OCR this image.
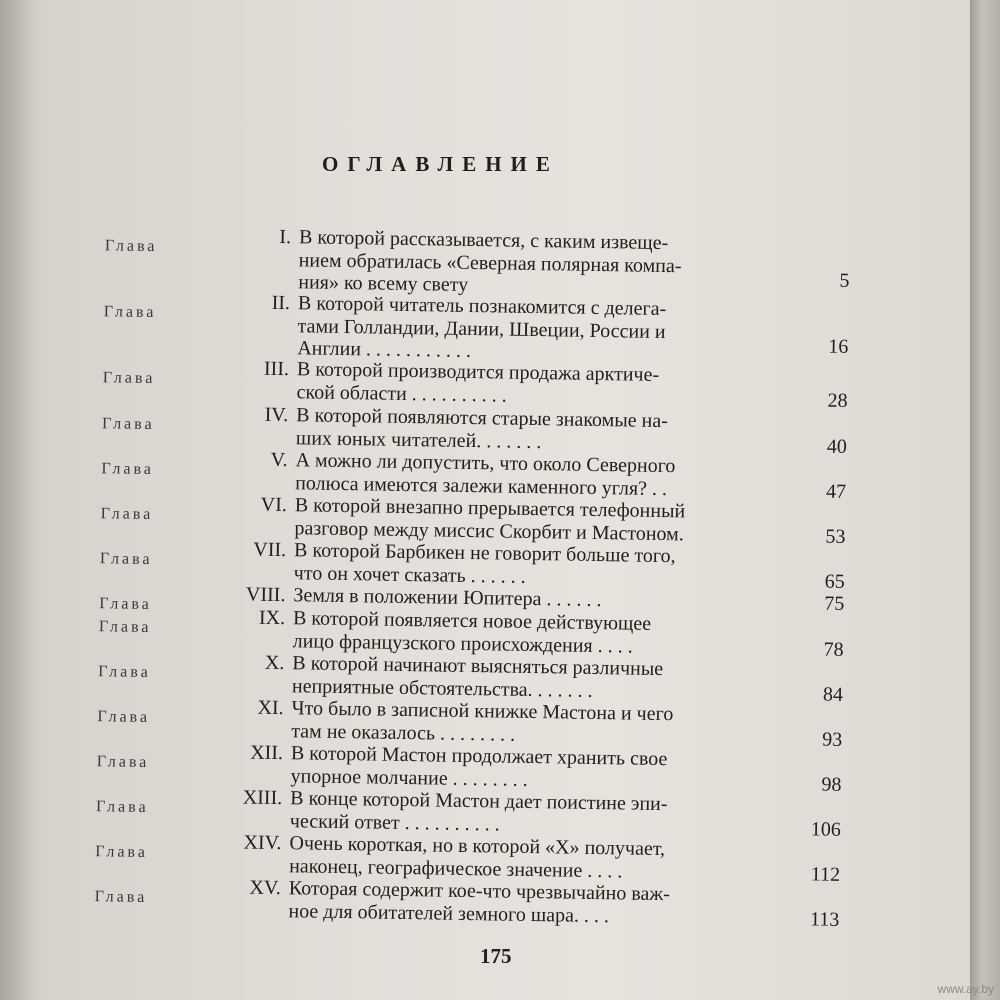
ОГЛАВЛЕНИЕ
Глава	I. В которой рассказывается, с каким извеще-
нием обратилась «Северная полярная компа-
ния» ко всему свету	5
Глава	II. В которой читатель познакомится с делега-
тами Голландии, Дании, Швеции, России и
Англии . . . . . . . . . . .	16
Глава	III. В которой производится продажа арктиче-
ской области . . . . . . . . . .	28
Глава	IV. В которой появляются старые знакомые на-
ших юных читателей. . . . . . .	40
Глава	V. А можно ли допустить, что около Северного
полюса имеются залежи каменного угля? . .	47
Глава	VI. В которой внезапно прерывается телефонный
разговор между миссис Скорбит и Мастоном.	53
Глава	VII. В которой Барбикен не говорит больше того,
что он хочет сказать . . . . . .	65
Глава	VIII. Земля в положении Юпитера . . . . . .	75
Глава	IX. В которой появляется новое действующее
лицо французского происхождения . . . .	78
Глава	X. В которой начинают выясняться различные
неприятные обстоятельства. . . . . . .	84
Глава	XI. Что было в записной книжке Мастона и чего
там не оказалось . . . . . . . .	93
Глава	XII. В которой Мастон продолжает хранить свое
упорное молчание . . . . . . . .	98
Глава	XIII. В конце которой Мастон дает поистине эпи-
ческий ответ . . . . . . . . . .	106
Глава	XIV. Очень короткая, но в которой «X» получает,
наконец, географическое значение . . . .	112
Глава	XV. Которая содержит кое-что чрезвычайно важ-
ное для обитателей земного шара. . . .	113

175

www.ay.by
